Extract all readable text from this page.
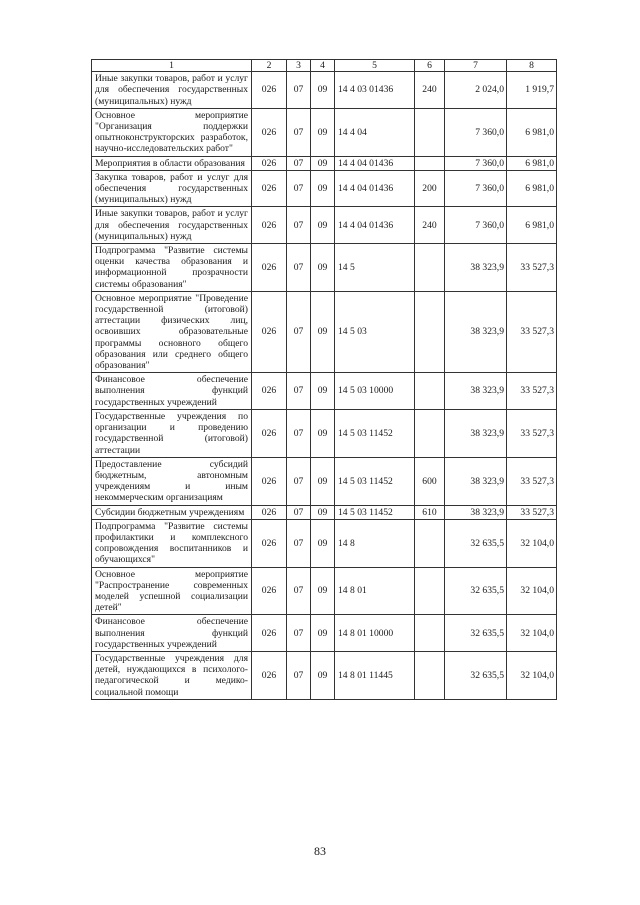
1	2	3	4	5	6	7	8
Иные закупки товаров, работ и услуг для обеспечения государственных (муниципальных) нужд	026	07	09	14 4 03 01436	240	2 024,0	1 919,7
Основное мероприятие "Организация поддержки опытноконструкторских разработок, научно-исследовательских работ"	026	07	09	14 4 04		7 360,0	6 981,0
Мероприятия в области образования	026	07	09	14 4 04 01436		7 360,0	6 981,0
Закупка товаров, работ и услуг для обеспечения государственных (муниципальных) нужд	026	07	09	14 4 04 01436	200	7 360,0	6 981,0
Иные закупки товаров, работ и услуг для обеспечения государственных (муниципальных) нужд	026	07	09	14 4 04 01436	240	7 360,0	6 981,0
Подпрограмма "Развитие системы оценки качества образования и информационной прозрачности системы образования"	026	07	09	14 5		38 323,9	33 527,3
Основное мероприятие "Проведение государственной (итоговой) аттестации физических лиц, освоивших образовательные программы основного общего образования или среднего общего образования"	026	07	09	14 5 03		38 323,9	33 527,3
Финансовое обеспечение выполнения функций государственных учреждений	026	07	09	14 5 03 10000		38 323,9	33 527,3
Государственные учреждения по организации и проведению государственной (итоговой) аттестации	026	07	09	14 5 03 11452		38 323,9	33 527,3
Предоставление субсидий бюджетным, автономным учреждениям и иным некоммерческим организациям	026	07	09	14 5 03 11452	600	38 323,9	33 527,3
Субсидии бюджетным учреждениям	026	07	09	14 5 03 11452	610	38 323,9	33 527,3
Подпрограмма "Развитие системы профилактики и комплексного сопровождения воспитанников и обучающихся"	026	07	09	14 8		32 635,5	32 104,0
Основное мероприятие "Распространение современных моделей успешной социализации детей"	026	07	09	14 8 01		32 635,5	32 104,0
Финансовое обеспечение выполнения функций государственных учреждений	026	07	09	14 8 01 10000		32 635,5	32 104,0
Государственные учреждения для детей, нуждающихся в психолого-педагогической и медико-социальной помощи	026	07	09	14 8 01 11445		32 635,5	32 104,0
83
